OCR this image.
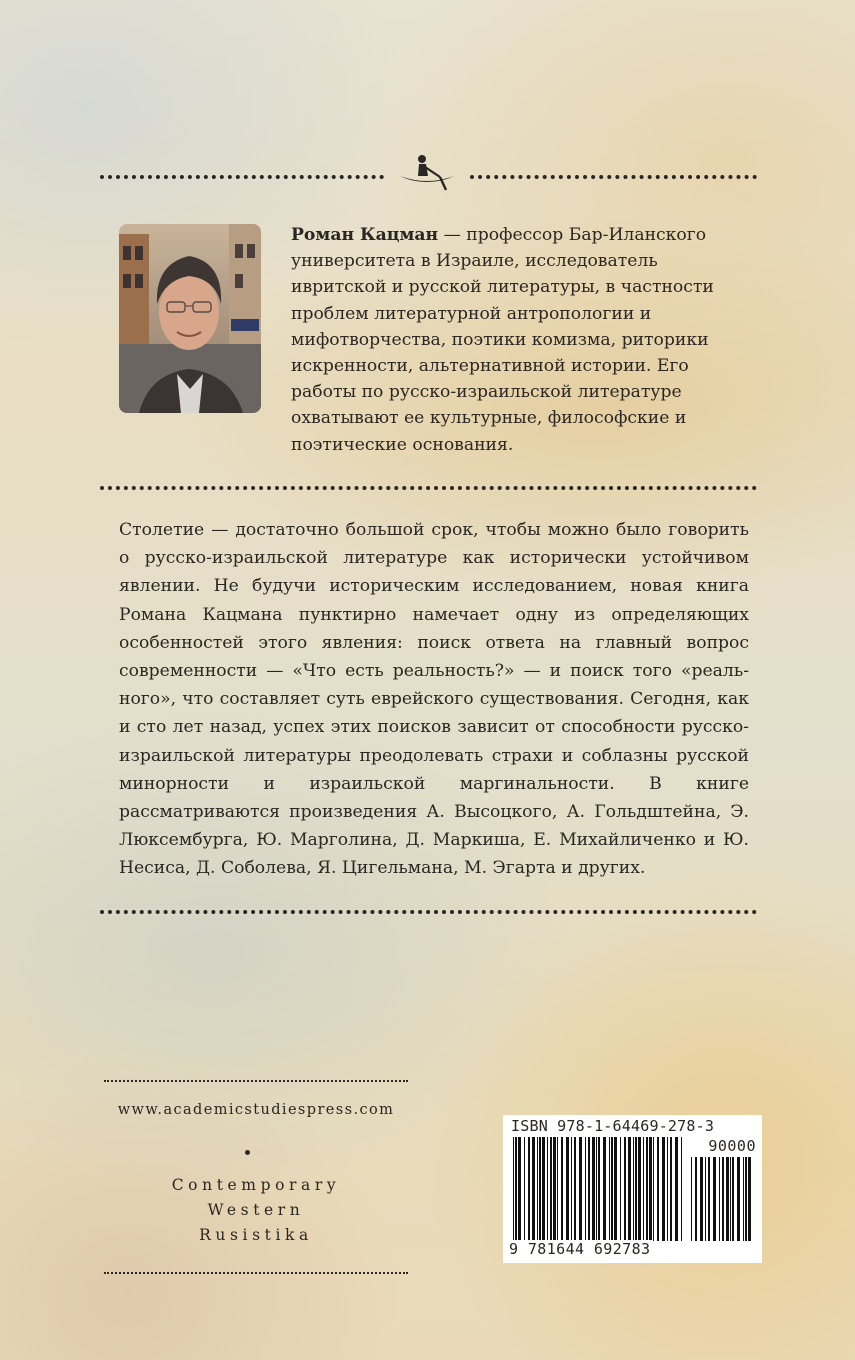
Роман Кацман — профессор Бар-Иланского университета в Израиле, исследователь ивритской и русской литературы, в частности проблем литературной антропологии и мифотворчества, поэтики комизма, риторики искренности, альтернативной истории. Его работы по русско-израильской литературе охватывают ее культурные, философские и поэтические основания.

Столетие — достаточно большой срок, чтобы можно было говорить о русско-израильской литературе как исторически устойчивом явлении. Не будучи историческим исследованием, новая книга Романа Кацмана пунктирно намечает одну из определяющих особенностей этого явления: поиск ответа на главный вопрос современности — «Что есть реальность?» — и поиск того «реального», что составляет суть еврейского существования. Сегодня, как и сто лет назад, успех этих поисков зависит от способности русско-израильской литературы преодолевать страхи и соблазны русской минорности и израильской маргинальности. В книге рассматриваются произведения А. Высоцкого, А. Гольдштейна, Э. Люксембурга, Ю. Марголина, Д. Маркиша, Е. Михайличенко и Ю. Несиса, Д. Соболева, Я. Цигельмана, М. Эгарта и других.

www.academicstudiespress.com
Contemporary
Western
Rusistika
ISBN 978-1-64469-278-3
90000
9 781644 692783
